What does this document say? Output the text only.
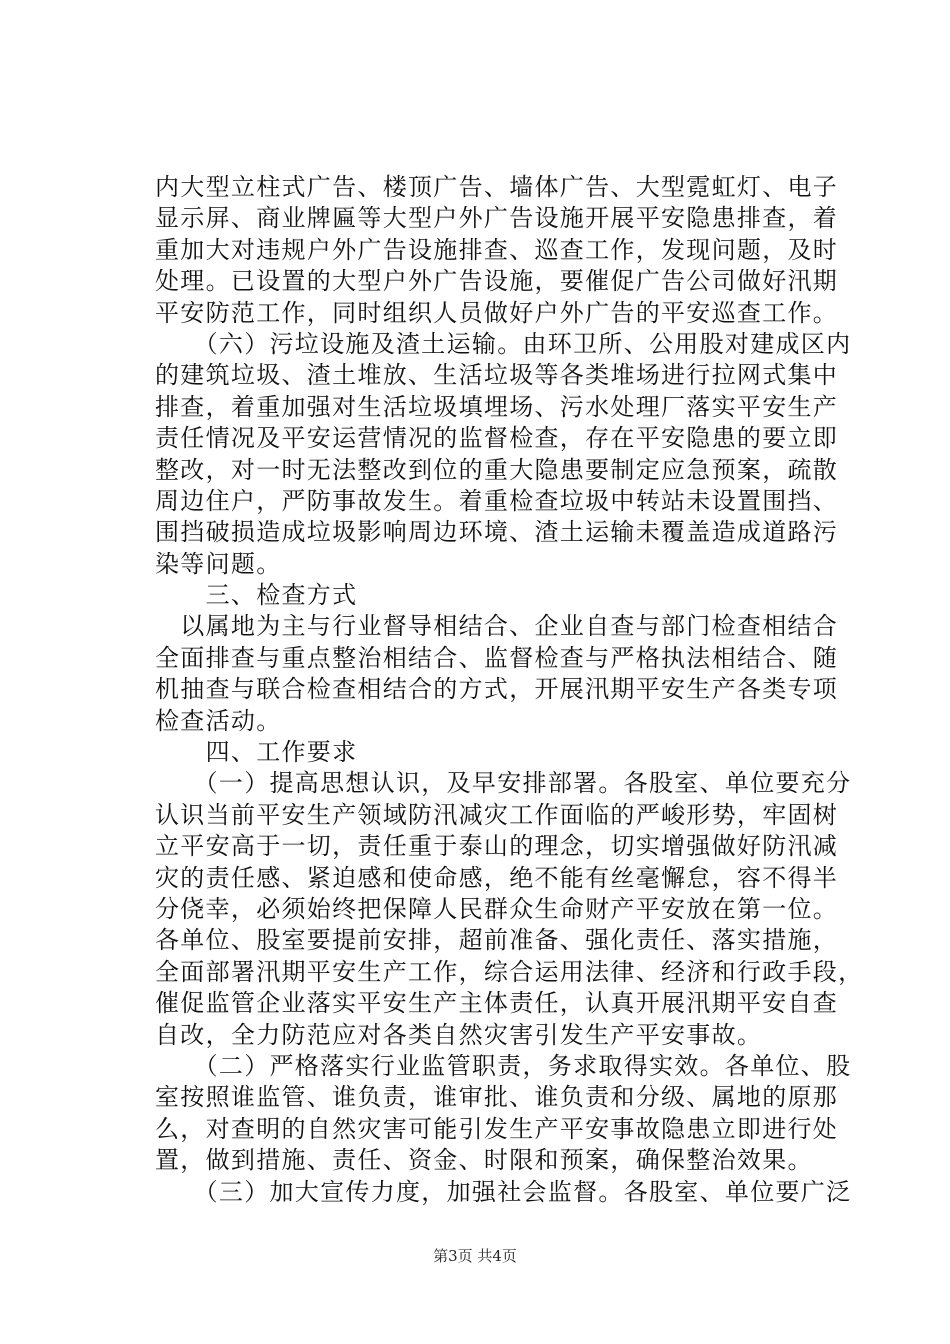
内大型立柱式广告、楼顶广告、墙体广告、大型霓虹灯、电子
显示屏、商业牌匾等大型户外广告设施开展平安隐患排查，着
重加大对违规户外广告设施排查、巡查工作，发现问题，及时
处理。已设置的大型户外广告设施，要催促广告公司做好汛期
平安防范工作，同时组织人员做好户外广告的平安巡查工作。
　　（六）污垃设施及渣土运输。由环卫所、公用股对建成区内
的建筑垃圾、渣土堆放、生活垃圾等各类堆场进行拉网式集中
排查，着重加强对生活垃圾填埋场、污水处理厂落实平安生产
责任情况及平安运营情况的监督检查，存在平安隐患的要立即
整改，对一时无法整改到位的重大隐患要制定应急预案，疏散
周边住户，严防事故发生。着重检查垃圾中转站未设置围挡、
围挡破损造成垃圾影响周边环境、渣土运输未覆盖造成道路污
染等问题。
　　三、检查方式
　以属地为主与行业督导相结合、企业自查与部门检查相结合
全面排查与重点整治相结合、监督检查与严格执法相结合、随
机抽查与联合检查相结合的方式，开展汛期平安生产各类专项
检查活动。
　　四、工作要求
　　（一）提高思想认识，及早安排部署。各股室、单位要充分
认识当前平安生产领域防汛减灾工作面临的严峻形势，牢固树
立平安高于一切，责任重于泰山的理念，切实增强做好防汛减
灾的责任感、紧迫感和使命感，绝不能有丝毫懈怠，容不得半
分侥幸，必须始终把保障人民群众生命财产平安放在第一位。
各单位、股室要提前安排，超前准备、强化责任、落实措施，
全面部署汛期平安生产工作，综合运用法律、经济和行政手段，
催促监管企业落实平安生产主体责任，认真开展汛期平安自查
自改，全力防范应对各类自然灾害引发生产平安事故。
　　（二）严格落实行业监管职责，务求取得实效。各单位、股
室按照谁监管、谁负责，谁审批、谁负责和分级、属地的原那
么，对查明的自然灾害可能引发生产平安事故隐患立即进行处
置，做到措施、责任、资金、时限和预案，确保整治效果。
　　（三）加大宣传力度，加强社会监督。各股室、单位要广泛
第3页 共4页
